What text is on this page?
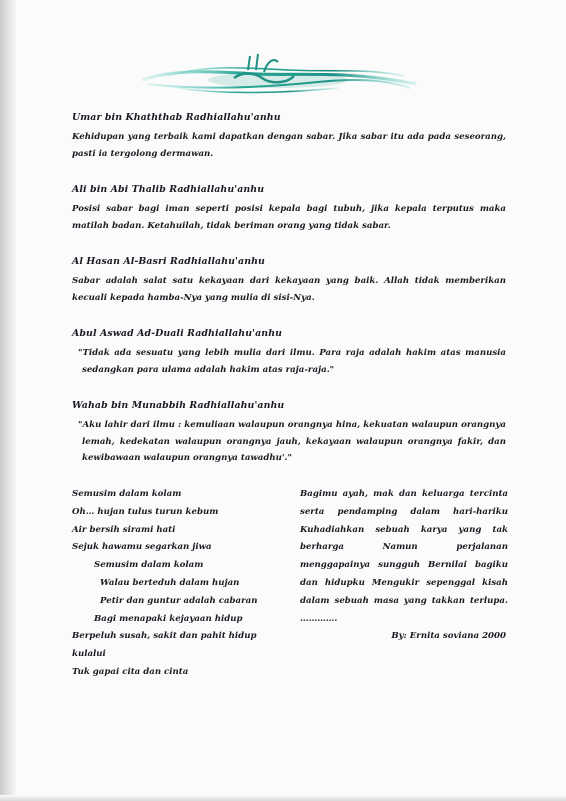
Umar bin Khaththab Radhiallahu'anhu
Kehidupan yang terbaik kami dapatkan dengan sabar. Jika sabar itu ada pada seseorang, pasti ia tergolong dermawan.
Ali bin Abi Thalib Radhiallahu'anhu
Posisi sabar bagi iman seperti posisi kepala bagi tubuh, jika kepala terputus maka matilah badan. Ketahuilah, tidak beriman orang yang tidak sabar.
Al Hasan Al-Basri Radhiallahu'anhu
Sabar adalah salat satu kekayaan dari kekayaan yang baik. Allah tidak memberikan kecuali kepada hamba-Nya yang mulia di sisi-Nya.
Abul Aswad Ad-Duali Radhiallahu'anhu
"Tidak ada sesuatu yang lebih mulia dari ilmu. Para raja adalah hakim atas manusia sedangkan para ulama adalah hakim atas raja-raja."
Wahab bin Munabbih Radhiallahu'anhu
"Aku lahir dari ilmu : kemuliaan walaupun orangnya hina, kekuatan walaupun orangnya lemah, kedekatan walaupun orangnya jauh, kekayaan walaupun orangnya fakir, dan kewibawaan walaupun orangnya tawadhu'."
Semusim dalam kolam
Oh… hujan tulus turun kebum
Air bersih sirami hati
Sejuk hawamu segarkan jiwa
Semusim dalam kolam
Walau berteduh dalam hujan
Petir dan guntur adalah cabaran
Bagi menapaki kejayaan hidup
Berpeluh susah, sakit dan pahit hidup
kulalui
Tuk gapai cita dan cinta
Bagimu ayah, mak dan keluarga tercinta serta pendamping dalam hari-hariku Kuhadiahkan sebuah karya yang tak berharga Namun perjalanan menggapainya sungguh Bernilai bagiku dan hidupku Mengukir sepenggal kisah dalam sebuah masa yang takkan terlupa. ………….
By: Ernita soviana 2000
